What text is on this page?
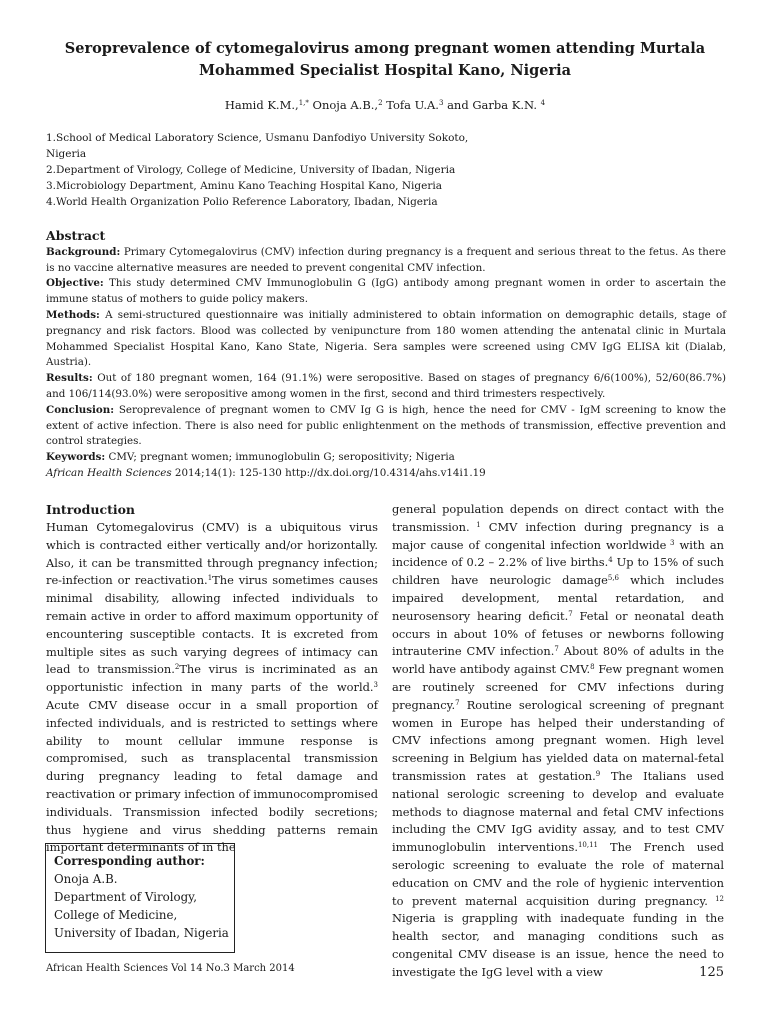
Seroprevalence of cytomegalovirus among pregnant women attending Murtala
Mohammed Specialist Hospital Kano, Nigeria
Hamid K.M.,$^{1,*}$ Onoja A.B.,$^2$ Tofa U.A.$^3$ and Garba K.N. $^4$
1.School of Medical Laboratory Science, Usmanu Danfodiyo University Sokoto,
Nigeria
2.Department of Virology, College of Medicine, University of Ibadan, Nigeria
3.Microbiology Department, Aminu Kano Teaching Hospital Kano, Nigeria
4.World Health Organization Polio Reference Laboratory, Ibadan, Nigeria
Abstract

Background: Primary Cytomegalovirus (CMV) infection during pregnancy is a frequent and serious threat to the fetus. As there is no vaccine alternative measures are needed to prevent congenital CMV infection.

Objective: This study determined CMV Immunoglobulin G (IgG) antibody among pregnant women in order to ascertain the immune status of mothers to guide policy makers.

Methods: A semi-structured questionnaire was initially administered to obtain information on demographic details, stage of pregnancy and risk factors. Blood was collected by venipuncture from 180 women attending the antenatal clinic in Murtala Mohammed Specialist Hospital Kano, Kano State, Nigeria. Sera samples were screened using CMV IgG ELISA kit (Dialab, Austria).

Results: Out of 180 pregnant women, 164 (91.1%) were seropositive. Based on stages of pregnancy 6/6(100%), 52/60(86.7%) and 106/114(93.0%) were seropositive among women in the first, second and third trimesters respectively.

Conclusion: Seroprevalence of pregnant women to CMV Ig G is high, hence the need for CMV - IgM screening to know the extent of active infection. There is also need for public enlightenment on the methods of transmission, effective prevention and control strategies.

Keywords: CMV; pregnant women; immunoglobulin G; seropositivity; Nigeria

African Health Sciences 2014;14(1): 125-130 http://dx.doi.org/10.4314/ahs.v14i1.19

Introduction

Human Cytomegalovirus (CMV) is a ubiquitous virus which is contracted either vertically and/or horizontally. Also, it can be transmitted through pregnancy infection; re-infection or reactivation.$^1$The virus sometimes causes minimal disability, allowing infected individuals to remain active in order to afford maximum opportunity of encountering susceptible contacts. It is excreted from multiple sites as such varying degrees of intimacy can lead to transmission.$^2$The virus is incriminated as an opportunistic infection in many parts of the world.$^3$ Acute CMV disease occur in a small proportion of infected individuals, and is restricted to settings where ability to mount cellular immune response is compromised, such as transplacental transmission during pregnancy leading to fetal damage and reactivation or primary infection of immunocompromised individuals. Transmission infected bodily secretions; thus hygiene and virus shedding patterns remain important determinants of in the

general population depends on direct contact with the transmission. $^1$ CMV infection during pregnancy is a major cause of congenital infection worldwide $^3$ with an incidence of 0.2 – 2.2% of live births.$^4$ Up to 15% of such children have neurologic damage$^{5,6}$ which includes impaired development, mental retardation, and neurosensory hearing deficit.$^7$ Fetal or neonatal death occurs in about 10% of fetuses or newborns following intrauterine CMV infection.$^7$ About 80% of adults in the world have antibody against CMV.$^8$ Few pregnant women are routinely screened for CMV infections during pregnancy.$^7$ Routine serological screening of pregnant women in Europe has helped their understanding of CMV infections among pregnant women. High level screening in Belgium has yielded data on maternal-fetal transmission rates at gestation.$^9$ The Italians used national serologic screening to develop and evaluate methods to diagnose maternal and fetal CMV infections including the CMV IgG avidity assay, and to test CMV immunoglobulin interventions.$^{10,11}$ The French used serologic screening to evaluate the role of maternal education on CMV and the role of hygienic intervention to prevent maternal acquisition during pregnancy. $^{12}$ Nigeria is grappling with inadequate funding in the health sector, and managing conditions such as congenital CMV disease is an issue, hence the need to investigate the IgG level with a view

Corresponding author:
Onoja A.B.
Department of Virology,
College of Medicine,
University of Ibadan, Nigeria
African Health Sciences Vol 14 No.3 March 2014	125
